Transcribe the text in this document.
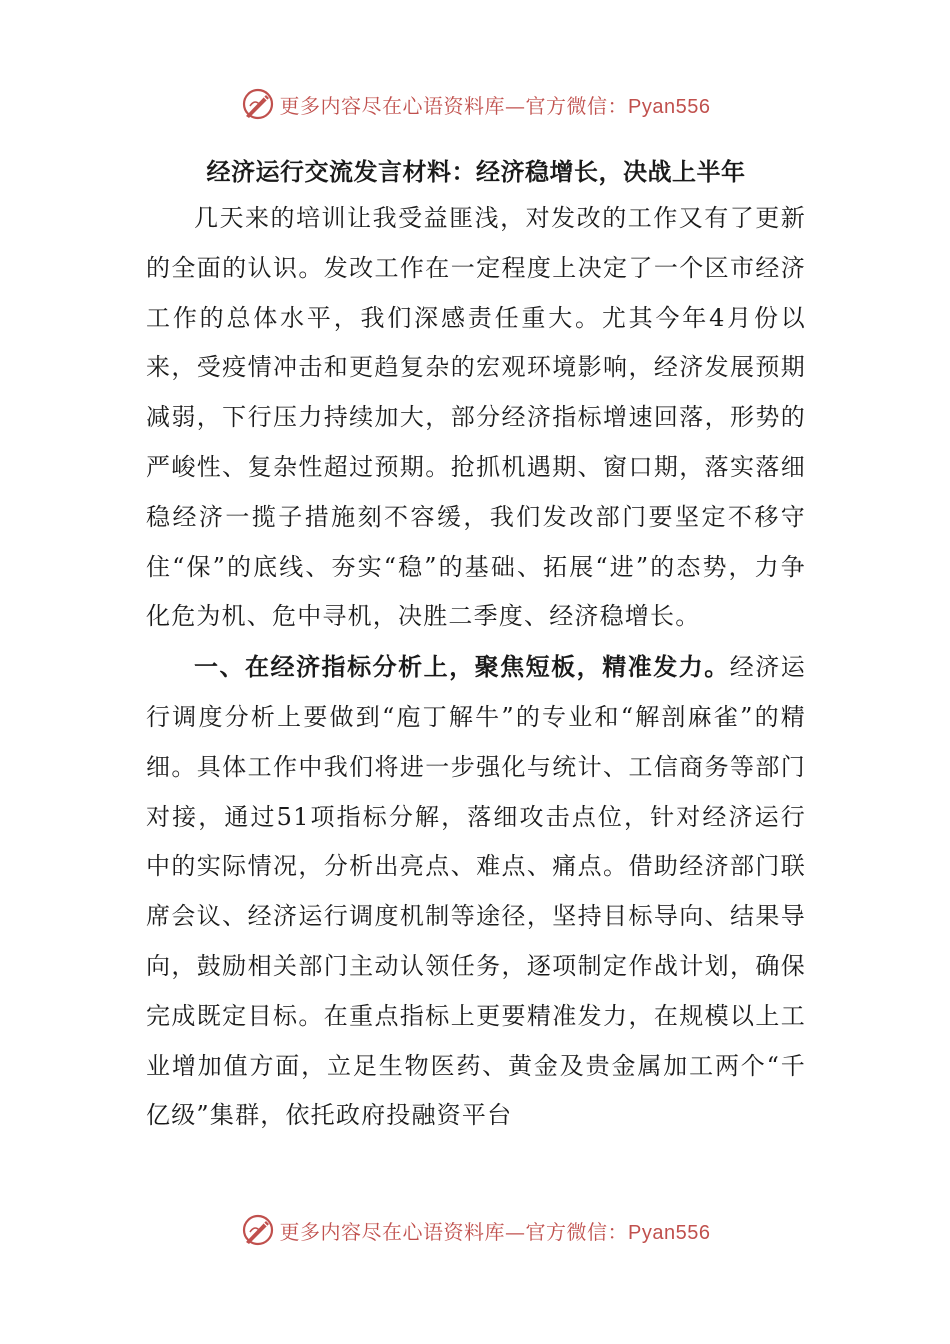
更多内容尽在心语资料库—官方微信：Pyan556
经济运行交流发言材料：经济稳增长，决战上半年

几天来的培训让我受益匪浅，对发改的工作又有了更新的全面的认识。发改工作在一定程度上决定了一个区市经济工作的总体水平，我们深感责任重大。尤其今年4月份以来，受疫情冲击和更趋复杂的宏观环境影响，经济发展预期减弱，下行压力持续加大，部分经济指标增速回落，形势的严峻性、复杂性超过预期。抢抓机遇期、窗口期，落实落细稳经济一揽子措施刻不容缓，我们发改部门要坚定不移守住“保”的底线、夯实“稳”的基础、拓展“进”的态势，力争化危为机、危中寻机，决胜二季度、经济稳增长。

一、在经济指标分析上，聚焦短板，精准发力。经济运行调度分析上要做到“庖丁解牛”的专业和“解剖麻雀”的精细。具体工作中我们将进一步强化与统计、工信商务等部门对接，通过51项指标分解，落细攻击点位，针对经济运行中的实际情况，分析出亮点、难点、痛点。借助经济部门联席会议、经济运行调度机制等途径，坚持目标导向、结果导向，鼓励相关部门主动认领任务，逐项制定作战计划，确保完成既定目标。在重点指标上更要精准发力，在规模以上工业增加值方面，立足生物医药、黄金及贵金属加工两个“千亿级”集群，依托政府投融资平台

更多内容尽在心语资料库—官方微信：Pyan556
